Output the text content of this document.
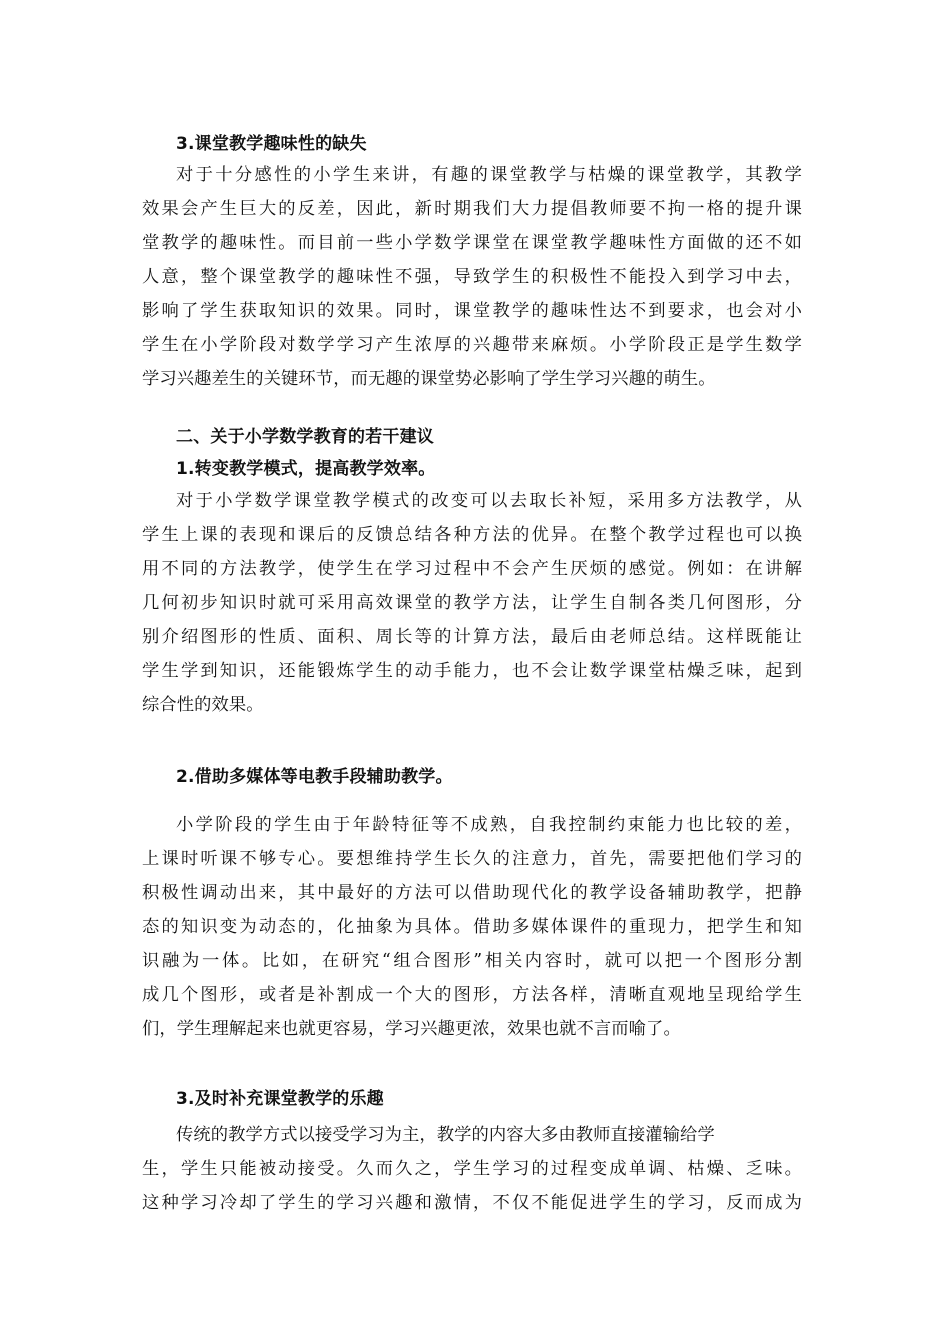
3.课堂教学趣味性的缺失
对于十分感性的小学生来讲，有趣的课堂教学与枯燥的课堂教学，其教学
效果会产生巨大的反差，因此，新时期我们大力提倡教师要不拘一格的提升课
堂教学的趣味性。而目前一些小学数学课堂在课堂教学趣味性方面做的还不如
人意，整个课堂教学的趣味性不强，导致学生的积极性不能投入到学习中去，
影响了学生获取知识的效果。同时，课堂教学的趣味性达不到要求，也会对小
学生在小学阶段对数学学习产生浓厚的兴趣带来麻烦。小学阶段正是学生数学
学习兴趣差生的关键环节，而无趣的课堂势必影响了学生学习兴趣的萌生。
二、关于小学数学教育的若干建议
1.转变教学模式，提高教学效率。
对于小学数学课堂教学模式的改变可以去取长补短，采用多方法教学，从
学生上课的表现和课后的反馈总结各种方法的优异。在整个教学过程也可以换
用不同的方法教学，使学生在学习过程中不会产生厌烦的感觉。例如：在讲解
几何初步知识时就可采用高效课堂的教学方法，让学生自制各类几何图形，分
别介绍图形的性质、面积、周长等的计算方法，最后由老师总结。这样既能让
学生学到知识，还能锻炼学生的动手能力，也不会让数学课堂枯燥乏味，起到
综合性的效果。
2.借助多媒体等电教手段辅助教学。
小学阶段的学生由于年龄特征等不成熟，自我控制约束能力也比较的差，
上课时听课不够专心。要想维持学生长久的注意力，首先，需要把他们学习的
积极性调动出来，其中最好的方法可以借助现代化的教学设备辅助教学，把静
态的知识变为动态的，化抽象为具体。借助多媒体课件的重现力，把学生和知
识融为一体。比如，在研究“组合图形”相关内容时，就可以把一个图形分割
成几个图形，或者是补割成一个大的图形，方法各样，清晰直观地呈现给学生
们，学生理解起来也就更容易，学习兴趣更浓，效果也就不言而喻了。
3.及时补充课堂教学的乐趣
传统的教学方式以接受学习为主，教学的内容大多由教师直接灌输给学
生，学生只能被动接受。久而久之，学生学习的过程变成单调、枯燥、乏味。
这种学习冷却了学生的学习兴趣和激情，不仅不能促进学生的学习，反而成为
